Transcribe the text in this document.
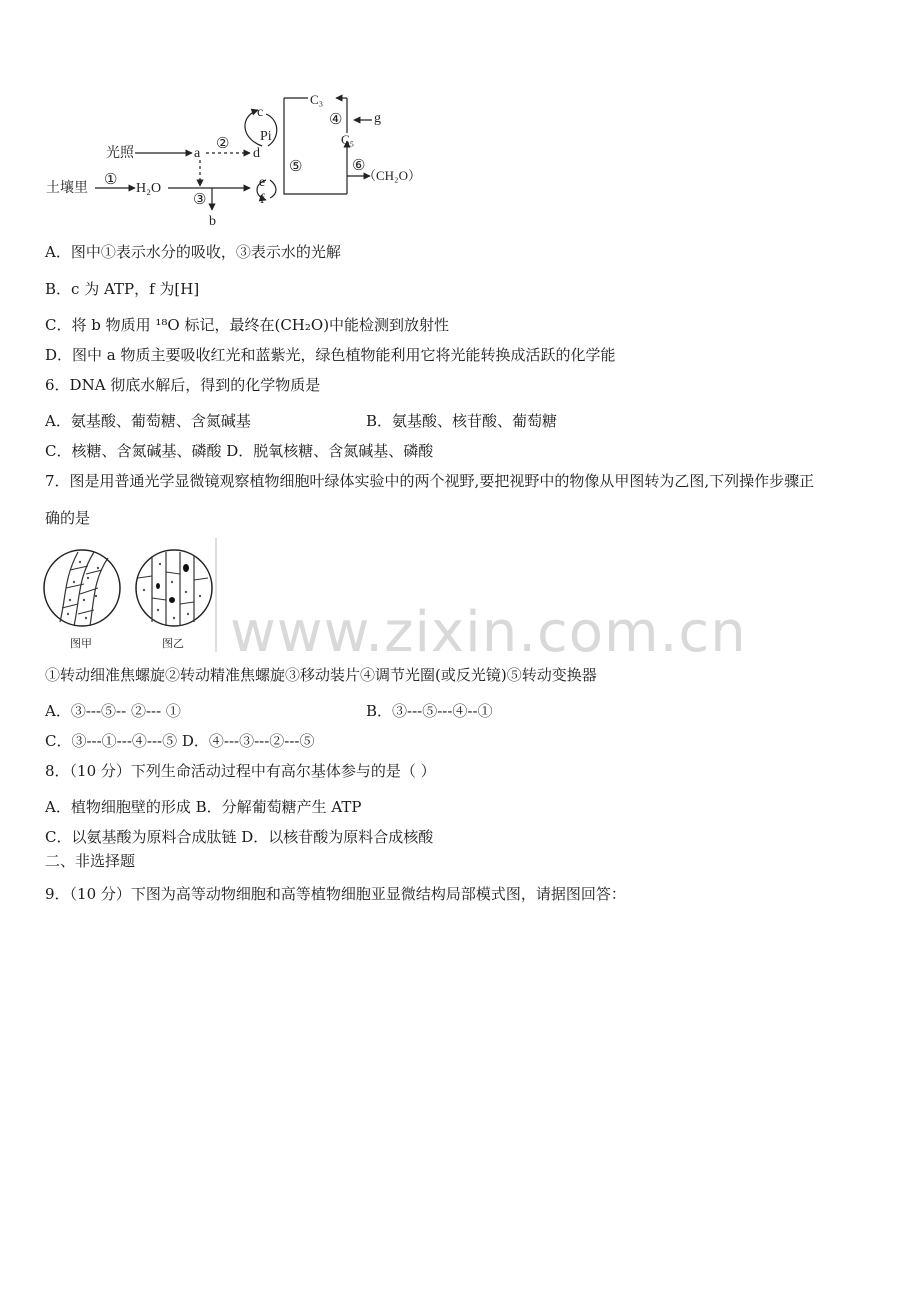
光照	a
②
d
c
Pi
土壤里
①
H₂O
③
b
e
f
⑤
C₃
④ g
C₅
⑥
（CH₂O）
A．图中①表示水分的吸收，③表示水的光解
B．c 为 ATP，f 为[H]
C．将 b 物质用 ¹⁸O 标记，最终在(CH₂O)中能检测到放射性
D．图中 a 物质主要吸收红光和蓝紫光，绿色植物能利用它将光能转换成活跃的化学能
6．DNA 彻底水解后，得到的化学物质是
A．氨基酸、葡萄糖、含氮碱基	B．氨基酸、核苷酸、葡萄糖
C．核糖、含氮碱基、磷酸 D．脱氧核糖、含氮碱基、磷酸
7．图是用普通光学显微镜观察植物细胞叶绿体实验中的两个视野,要把视野中的物像从甲图转为乙图,下列操作步骤正
确的是
图甲	图乙 www.zixin.com.cn
①转动细准焦螺旋②转动精准焦螺旋③移动装片④调节光圈(或反光镜)⑤转动变换器
A．③---⑤-- ②--- ①	B．③---⑤---④--①
C．③---①---④---⑤ D．④---③---②---⑤
8．（10 分）下列生命活动过程中有高尔基体参与的是（ ）
A．植物细胞壁的形成 B．分解葡萄糖产生 ATP
C．以氨基酸为原料合成肽链 D．以核苷酸为原料合成核酸
二、非选择题
9．（10 分）下图为高等动物细胞和高等植物细胞亚显微结构局部模式图，请据图回答：
